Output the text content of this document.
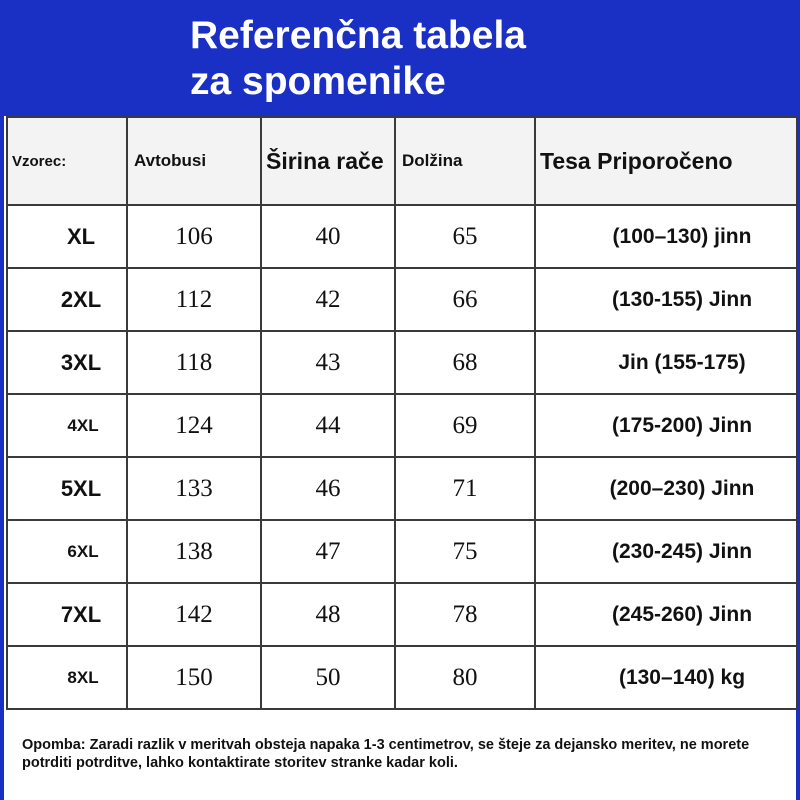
Referenčna tabela
za spomenike
Vzorec:	Avtobusi	Širina rače	Dolžina	Tesa Priporočeno
XL	106	40	65	(100–130) jinn
2XL	112	42	66	(130-155) Jinn
3XL	118	43	68	Jin (155-175)
4XL	124	44	69	(175-200) Jinn
5XL	133	46	71	(200–230) Jinn
6XL	138	47	75	(230-245) Jinn
7XL	142	48	78	(245-260) Jinn
8XL	150	50	80	(130–140) kg
Opomba: Zaradi razlik v meritvah obsteja napaka 1-3 centimetrov, se šteje za dejansko meritev, ne morete potrditi potrditve, lahko kontaktirate storitev stranke kadar koli.
